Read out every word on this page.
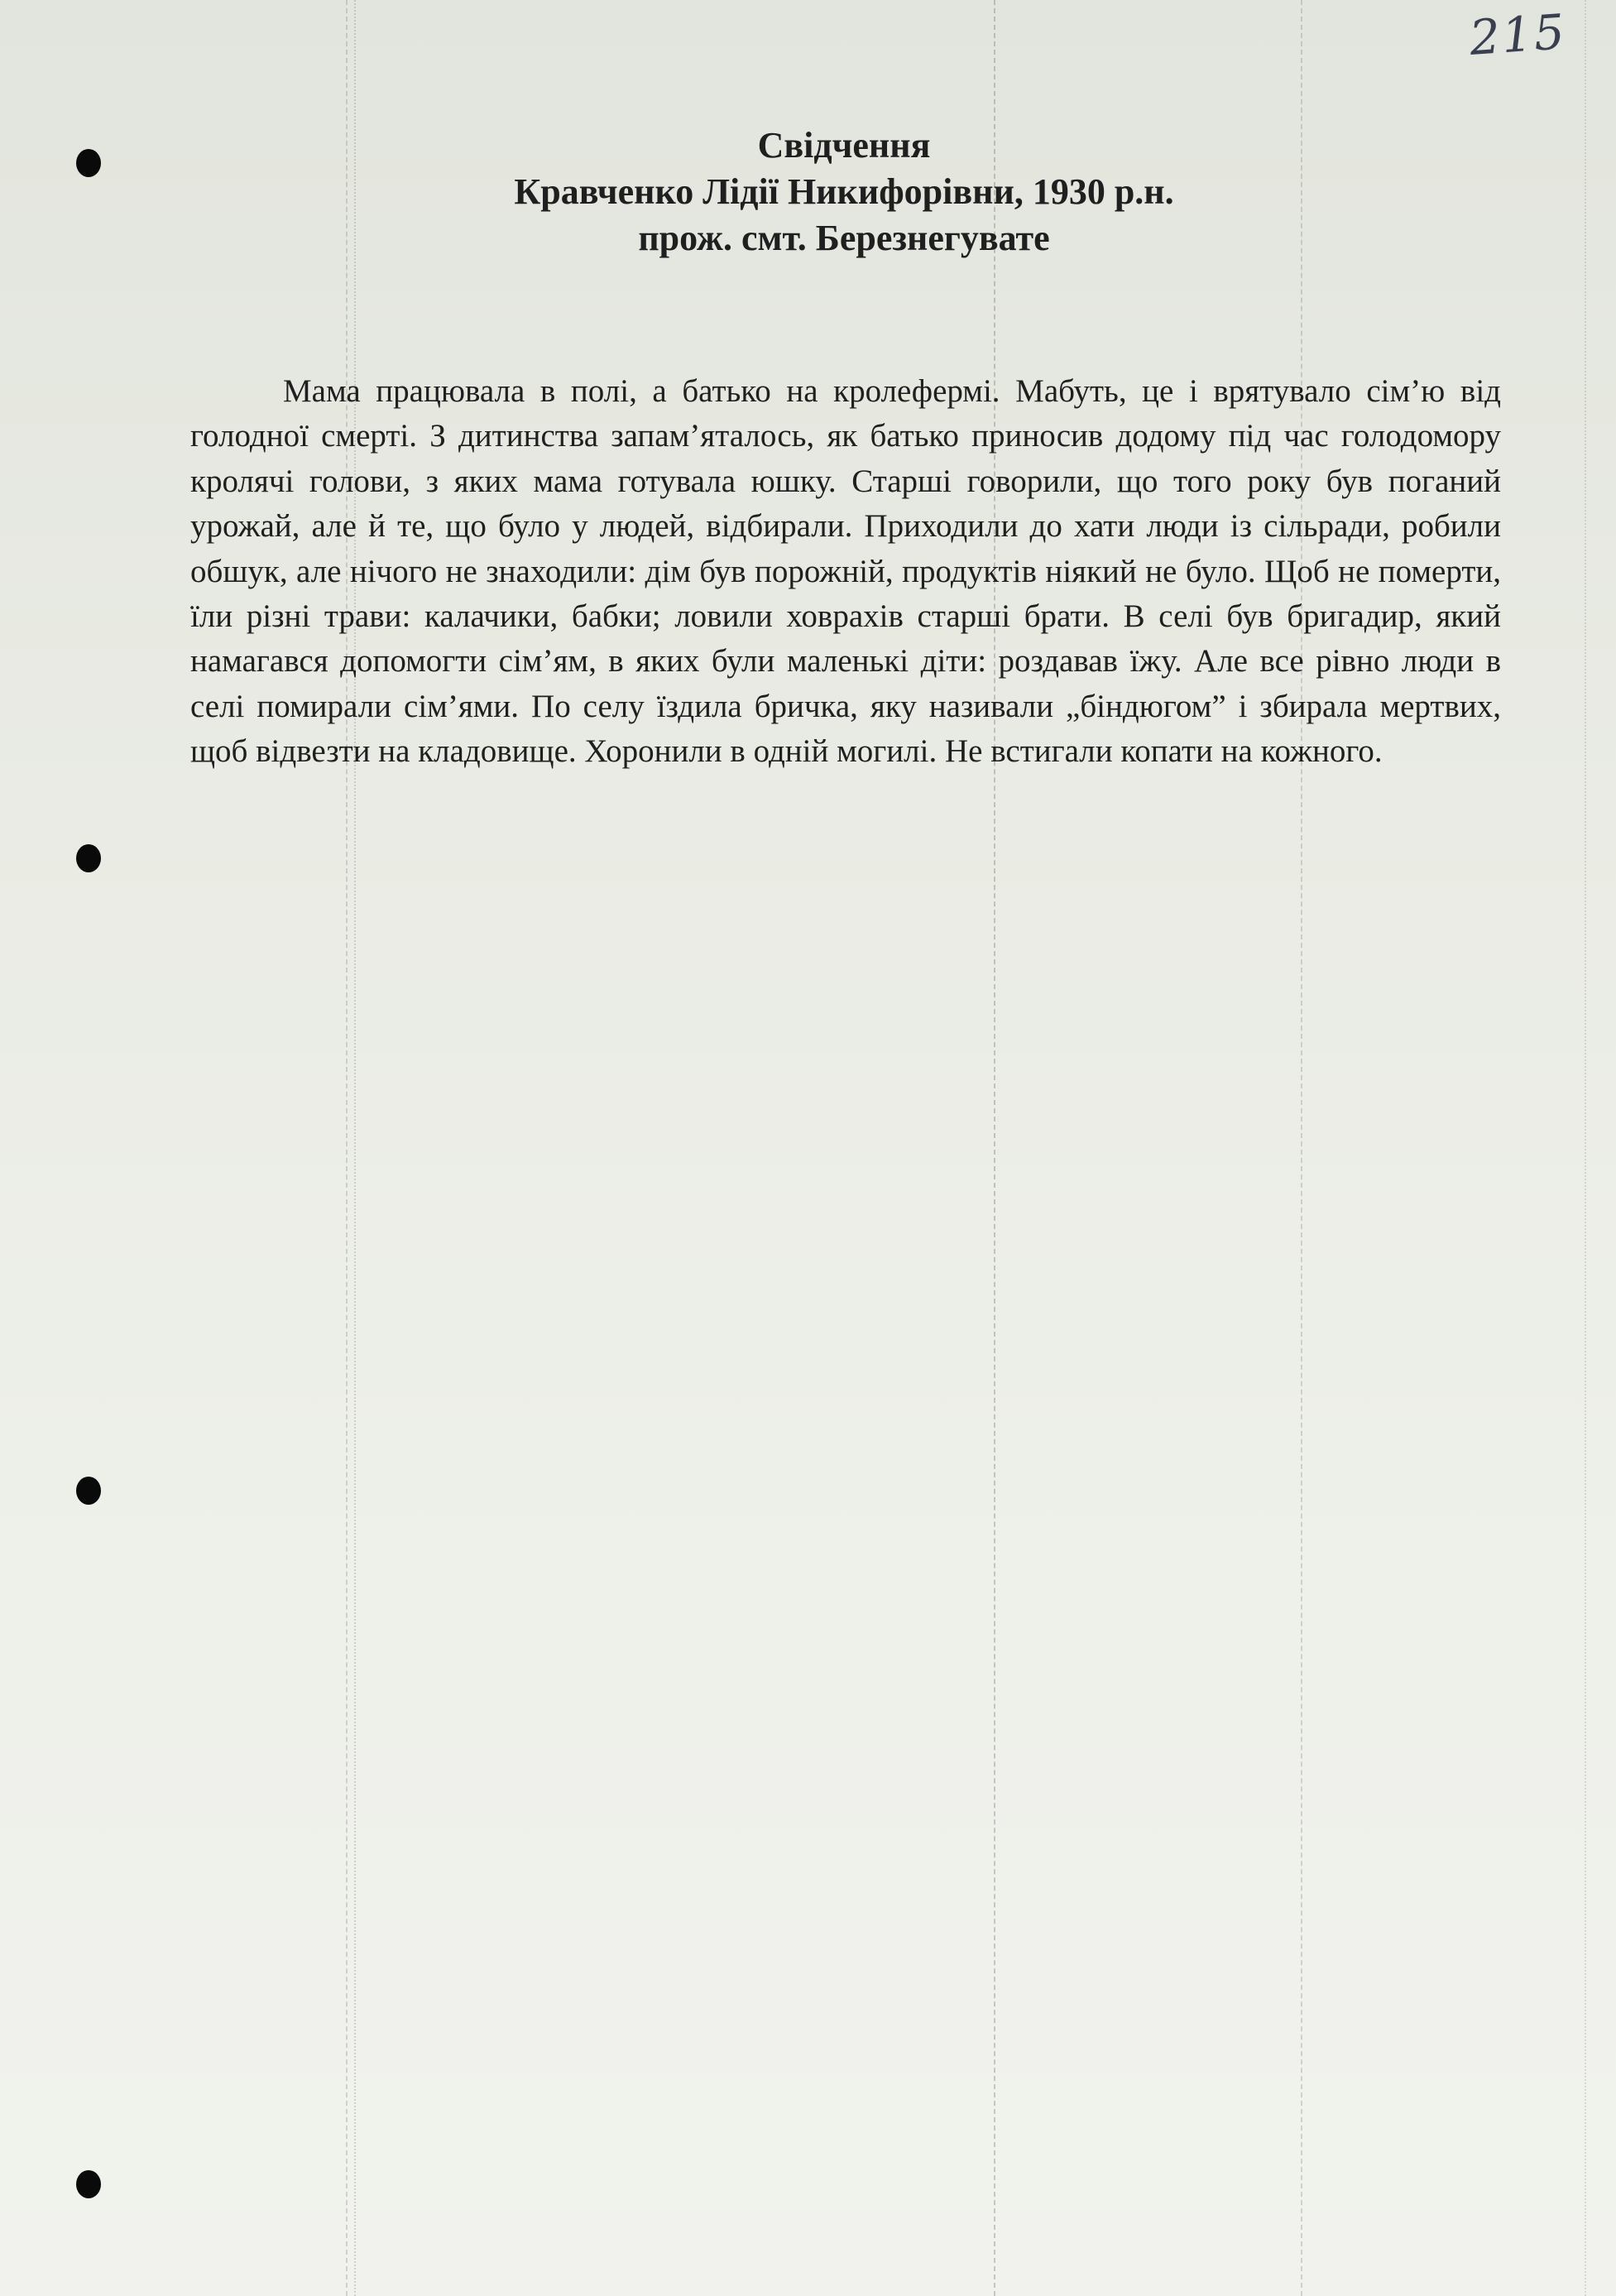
215
Свідчення
Кравченко Лідії Никифорівни, 1930 р.н.
прож. смт. Березнегувате

Мама працювала в полі, а батько на кролефермі. Мабуть, це і врятувало сім’ю від голодної смерті. З дитинства запам’яталось, як батько приносив додому під час голодомору кролячі голови, з яких мама готувала юшку. Старші говорили, що того року був поганий урожай, але й те, що було у людей, відбирали. Приходили до хати люди із сільради, робили обшук, але нічого не знаходили: дім був порожній, продуктів ніякий не було. Щоб не померти, їли різні трави: калачики, бабки; ловили ховрахів старші брати. В селі був бригадир, який намагався допомогти сім’ям, в яких були маленькі діти: роздавав їжу. Але все рівно люди в селі помирали сім’ями. По селу їздила бричка, яку називали „біндюгом” і збирала мертвих, щоб відвезти на кладовище. Хоронили в одній могилі. Не встигали копати на кожного.
